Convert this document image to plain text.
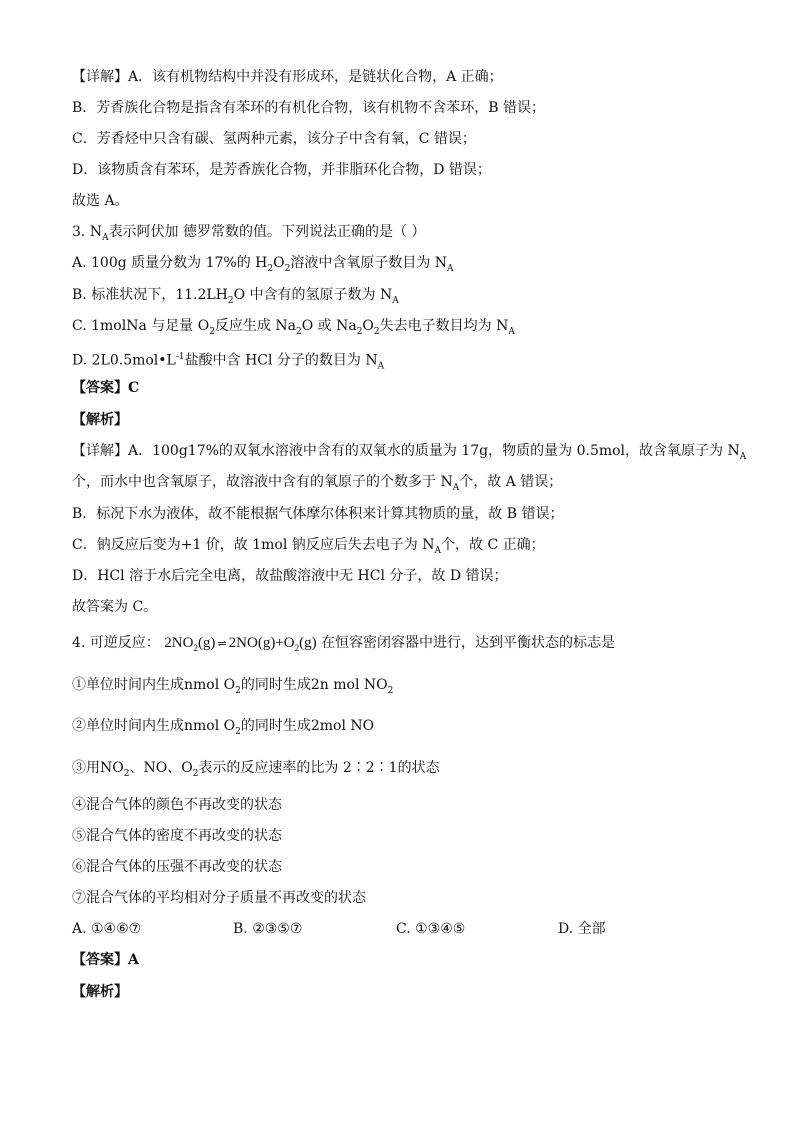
【详解】A．该有机物结构中并没有形成环，是链状化合物，A 正确；
B．芳香族化合物是指含有苯环的有机化合物，该有机物不含苯环，B 错误；
C．芳香烃中只含有碳、氢两种元素，该分子中含有氧，C 错误；
D．该物质含有苯环，是芳香族化合物，并非脂环化合物，D 错误；
故选 A。
3. $N_A$表示阿伏加 德罗常数的值。下列说法正确的是（ ）
A. 100g 质量分数为 17%的 $H_2O_2$溶液中含氧原子数目为 $N_A$
B. 标准状况下，$11.2LH_2O$ 中含有的氢原子数为 $N_A$
C. 1molNa 与足量 $O_2$反应生成 $Na_2O$ 或 $Na_2O_2$失去电子数目均为 $N_A$
D. $2L0.5mol•L^{-1}$盐酸中含 HCl 分子的数目为 $N_A$
【答案】C
【解析】
【详解】A．100g17%的双氧水溶液中含有的双氧水的质量为 17g，物质的量为 0.5mol，故含氧原子为 $N_A$
个，而水中也含氧原子，故溶液中含有的氧原子的个数多于 $N_A$个，故 A 错误；
B．标况下水为液体，故不能根据气体摩尔体积来计算其物质的量，故 B 错误；
C．钠反应后变为+1 价，故 1mol 钠反应后失去电子为 $N_A$个，故 C 正确；
D．HCl 溶于水后完全电离，故盐酸溶液中无 HCl 分子，故 D 错误；
故答案为 C。
4. 可逆反应： $2NO_2(g)$ ⇌ $2NO(g)+O_2(g)$ 在恒容密闭容器中进行，达到平衡状态的标志是
①单位时间内生成nmol $O_2$的同时生成2n mol $NO_2$
②单位时间内生成nmol $O_2$的同时生成2mol NO
③用$NO_2$、NO、$O_2$表示的反应速率的比为 2∶2∶1的状态
④混合气体的颜色不再改变的状态
⑤混合气体的密度不再改变的状态
⑥混合气体的压强不再改变的状态
⑦混合气体的平均相对分子质量不再改变的状态
A. ①④⑥⑦	B. ②③⑤⑦	C. ①③④⑤	D. 全部
【答案】A
【解析】
